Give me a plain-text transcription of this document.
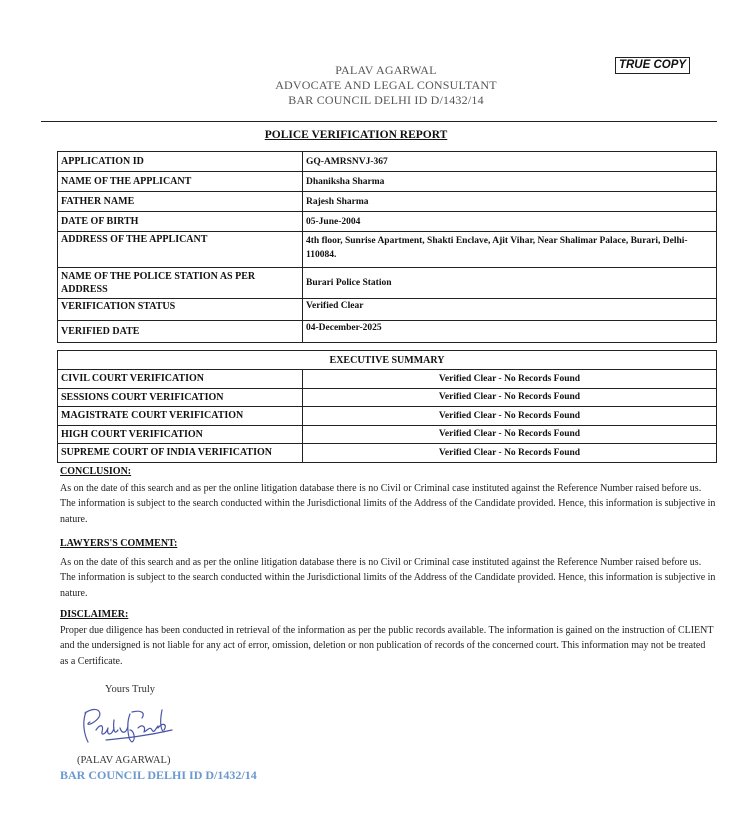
PALAV AGARWAL
ADVOCATE AND LEGAL CONSULTANT
BAR COUNCIL DELHI ID D/1432/14
TRUE COPY
POLICE VERIFICATION REPORT
APPLICATION ID	GQ-AMRSNVJ-367
NAME OF THE APPLICANT	Dhaniksha Sharma
FATHER NAME	Rajesh Sharma
DATE OF BIRTH	05-June-2004
ADDRESS OF THE APPLICANT	4th floor, Sunrise Apartment, Shakti Enclave, Ajit Vihar, Near Shalimar Palace, Burari, Delhi-110084.
NAME OF THE POLICE STATION AS PER ADDRESS	Burari Police Station
VERIFICATION STATUS	Verified Clear
VERIFIED DATE	04-December-2025
EXECUTIVE SUMMARY	
CIVIL COURT VERIFICATION	Verified Clear - No Records Found
SESSIONS COURT VERIFICATION	Verified Clear - No Records Found
MAGISTRATE COURT VERIFICATION	Verified Clear - No Records Found
HIGH COURT VERIFICATION	Verified Clear - No Records Found
SUPREME COURT OF INDIA VERIFICATION	Verified Clear - No Records Found
CONCLUSION:
As on the date of this search and as per the online litigation database there is no Civil or Criminal case instituted against the Reference Number raised before us. The information is subject to the search conducted within the Jurisdictional limits of the Address of the Candidate provided. Hence, this information is subjective in nature.
LAWYERS'S COMMENT:
As on the date of this search and as per the online litigation database there is no Civil or Criminal case instituted against the Reference Number raised before us. The information is subject to the search conducted within the Jurisdictional limits of the Address of the Candidate provided. Hence, this information is subjective in nature.
DISCLAIMER:
Proper due diligence has been conducted in retrieval of the information as per the public records available. The information is gained on the instruction of CLIENT and the undersigned is not liable for any act of error, omission, deletion or non publication of records of the concerned court. This information may not be treated as a Certificate.
Yours Truly
(PALAV AGARWAL)
BAR COUNCIL DELHI ID D/1432/14
